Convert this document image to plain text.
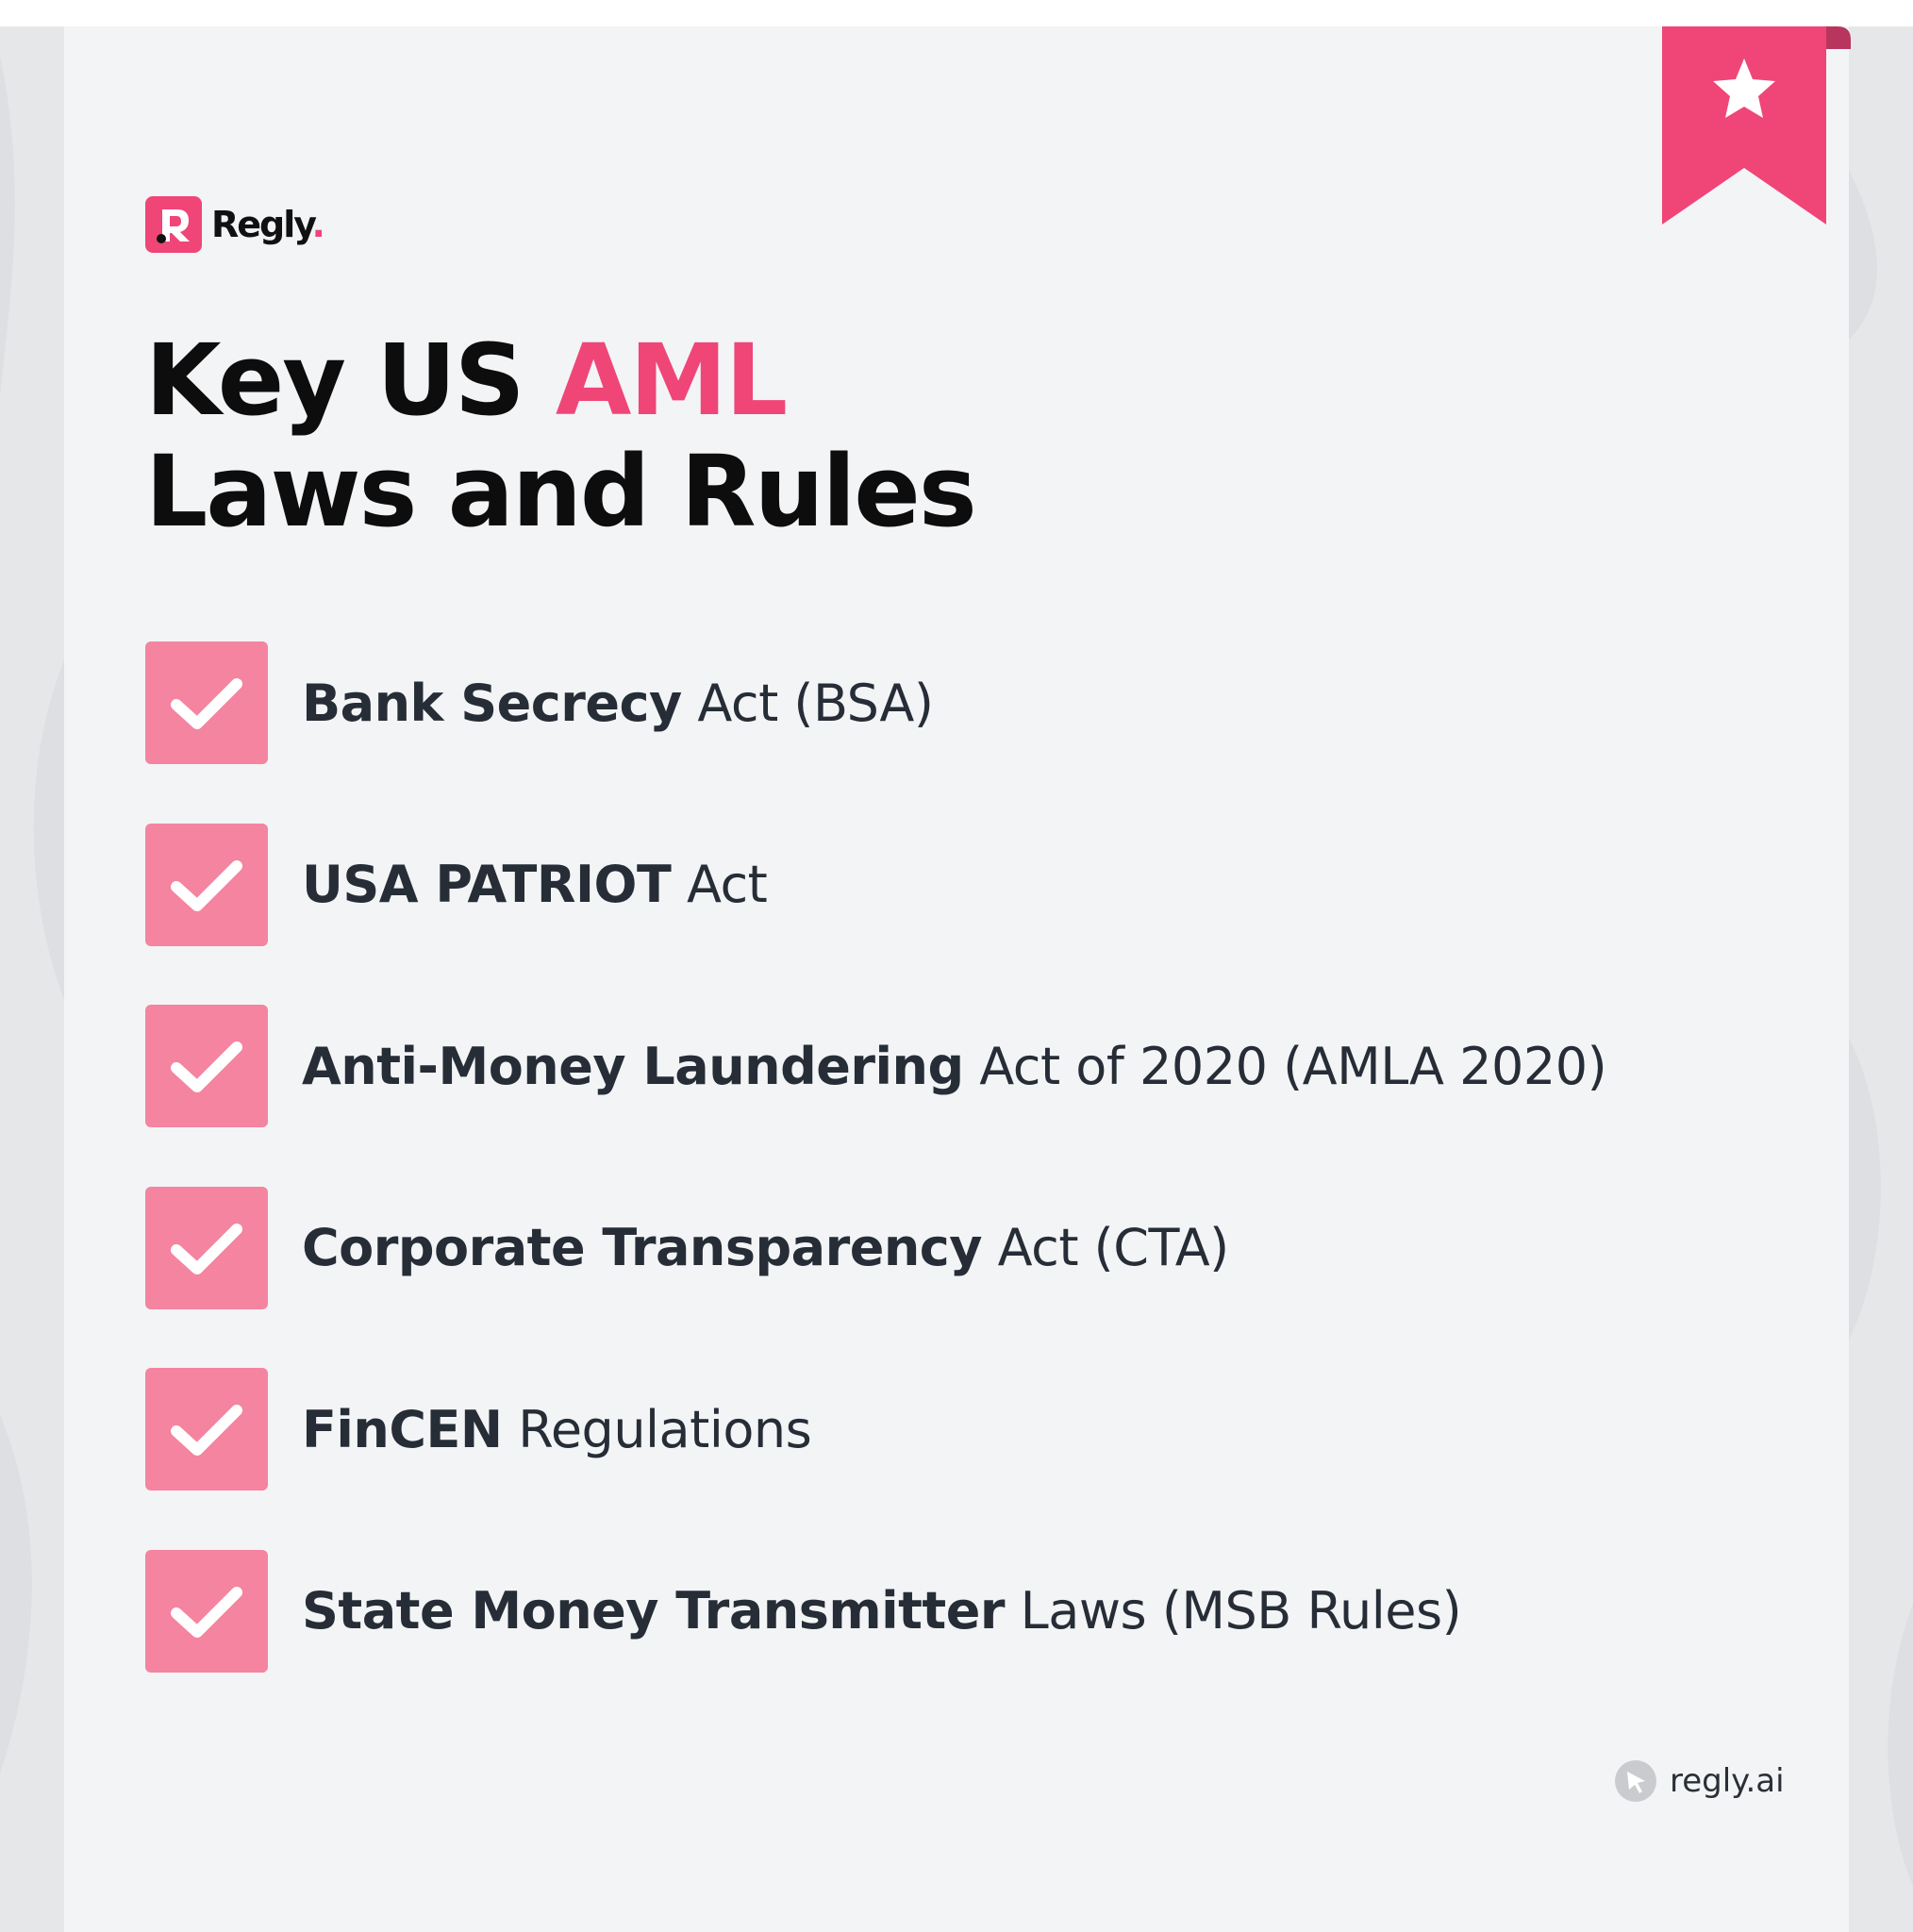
Regly.
Key US AML
Laws and Rules
Bank Secrecy Act (BSA)
USA PATRIOT Act
Anti-Money Laundering Act of 2020 (AMLA 2020)
Corporate Transparency Act (CTA)
FinCEN Regulations
State Money Transmitter Laws (MSB Rules)
regly.ai
